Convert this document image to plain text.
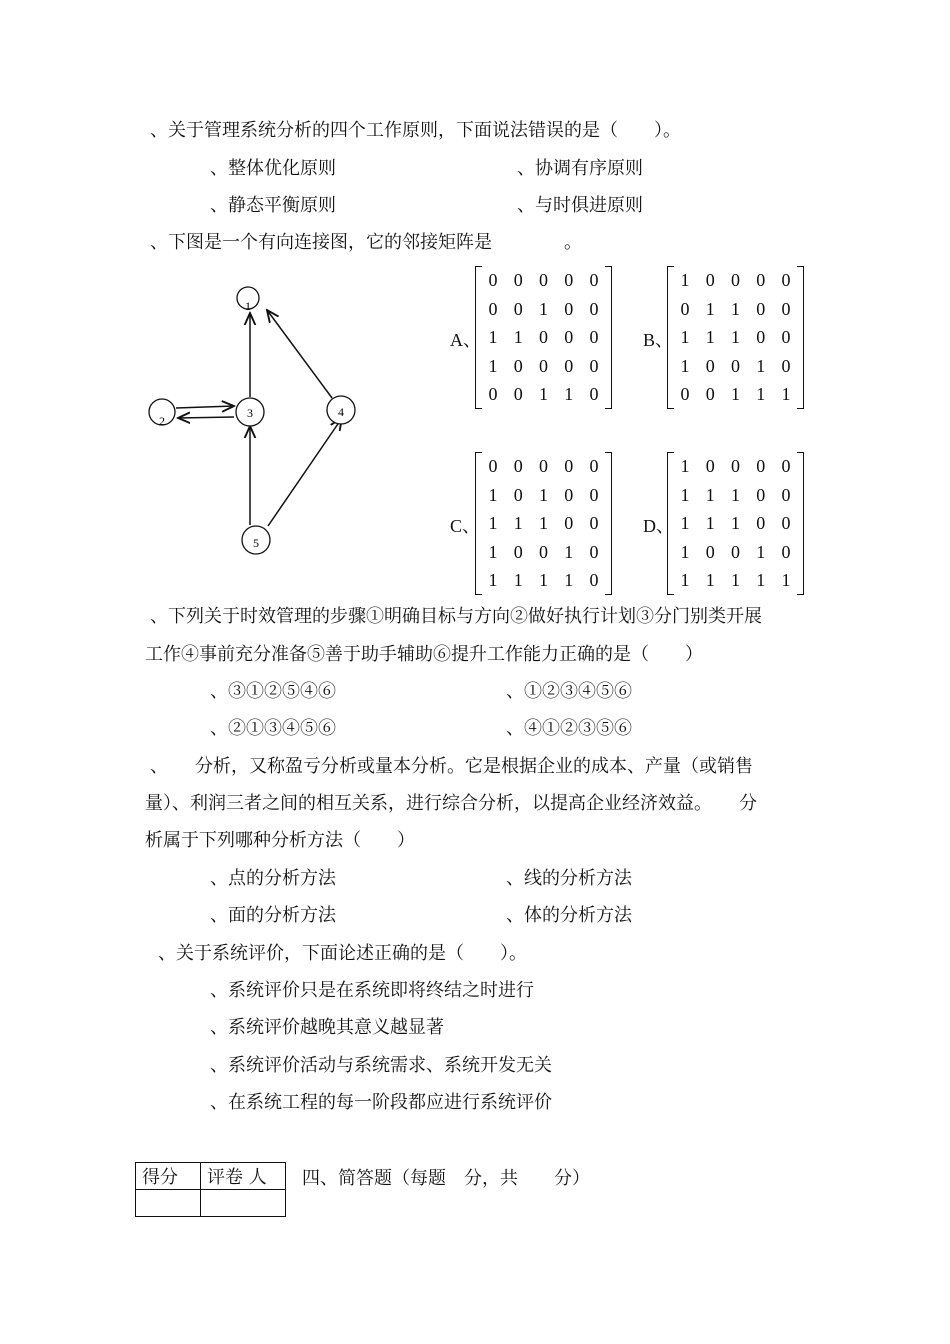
、关于管理系统分析的四个工作原则，下面说法错误的是（　　）。
、整体优化原则	、协调有序原则
、静态平衡原则	、与时俱进原则
、下图是一个有向连接图，它的邻接矩阵是　　　　。
1
2
3	4
5
A、	B、
C、	D、
0 0 0 0 0
0 0 1 0 0
1 1 0 0 0
1 0 0 0 0
0 0 1 1 0
1 0 0 0 0
0 1 1 0 0
1 1 1 0 0
1 0 0 1 0
0 0 1 1 1
0 0 0 0 0
1 0 1 0 0
1 1 1 0 0
1 0 0 1 0
1 1 1 1 0
1 0 0 0 0
1 1 1 0 0
1 1 1 0 0
1 0 0 1 0
1 1 1 1 1
、下列关于时效管理的步骤①明确目标与方向②做好执行计划③分门别类开展
工作④事前充分准备⑤善于助手辅助⑥提升工作能力正确的是（　　）
、③①②⑤④⑥	、①②③④⑤⑥
、②①③④⑤⑥	、④①②③⑤⑥
、　　分析，又称盈亏分析或量本分析。它是根据企业的成本、产量（或销售
量）、利润三者之间的相互关系，进行综合分析，以提高企业经济效益。　　分
析属于下列哪种分析方法（　　）
、点的分析方法	、线的分析方法
、面的分析方法	、体的分析方法
、关于系统评价，下面论述正确的是（　　）。
、系统评价只是在系统即将终结之时进行
、系统评价越晚其意义越显著
、系统评价活动与系统需求、系统开发无关
、在系统工程的每一阶段都应进行系统评价
得分	评卷 人
	四、简答题（每题　分，共　　分）
